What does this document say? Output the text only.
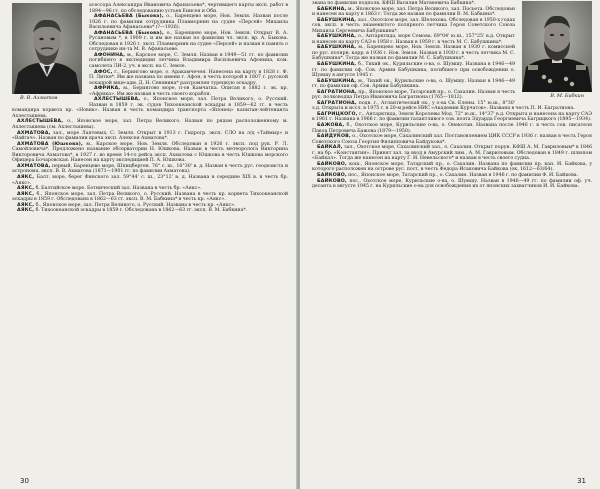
В. В. Ахматов

асессора Александра Ивановича Афанасьева*, чертивщего карты эксп. работ в 1894—96 гг. по обследованию устьев Енисея и Оби.

АФАНАСЬЕВА (Быкова), о., Баренцево море, Нов. Земля. Назван после 1926 г. по фамилии сотрудника Плавморнин на судне «Персей» Михаила Васильевича Афанасьева* (?—1926).

АФАНАСЬЕВА (Быкова), о., Баренцево море, Нов. Земля. Открыт В. А. Русановым *, в 1909 г. и им же назван по фамилии чл. эксп. вр. А. Быкова. Обследован в 1926 г. эксп. Плавморнин на судне «Персей» и назван в память о сотруднике ин-та М. В. Афанасьеве.

АФОНИНА, м., Карское море, С. Земля. Назван в 1949—51 гг. по фамилии погибшего в экспедиции летчика Владимира Васильевича Афонина, ком. самолета ЛИ-2, уч. в эксп. на С. Земле.

АФОС, г., Берингово море, о. Аракамчечен. Нанесена на карту в 1828 г. Ф. П. Литке*. Им же названа по имени г. Афон, в честь которой в 1807 г. русской эскадрой вице-адм. Д. Н. Сенявина* разгромлен турецкую эскадру.

АФРИКА, м., Берингово море, п-ов Камчатка. Описан в 1882 г. эк. кр. «Африка». Им же назван в честь своего корабля.

АХЛЕСТЫШЕВА, о., Японское море, зал. Петра Великого, о. Русский. Назван в 1859 г. эк. судов Тихоокеанской эскадры в 1859—62 гг. в честь командира корвета кр. «Новик». Назван в честь командира транспорта «Японец» капитан-лейтенанта Ахлестышева.

АХЛЕСТЫШЕВА, о., Японское море, зал. Петра Великого. Назван по рядом расположенному м. Ахлестышева (см. Ахлестышева).

АХМАТОВА, зал., море Лаптевых, С. Земля. Открыт в 1913 г. Гидрогр. эксп. СЛО на л/д «Таймыр» и «Вайгач». Назван по фамилии врача эксп. Алексея Ахматова*.

АХМАТОВА (Юшкова), м., Карское море, Нов. Земля. Обследован в 1926 г. эксп. под рук. Р. Л. Самойловича*. Предложено название обсерватории Н. Юшкова. Назван в честь метеоролога Викторина Викторовича Ахматова*, в 1927 г. во время 14-го рейса эксп. Ахматова с Юшкова в честь Юшкова морского Офицера Бочаровская. Нанесен на карту экспедицией П. А. Юшкова.

АХМАТОВА, первый, Баренцево море, Шпицберген. 76° с. ш., 16°30' в. д. Назван в честь рус. геодезиста и астронома, эксп. В. В. Ахматова (1871—1901 гг. по фамилии Ахматова).

АЯКС, Балт. море, берег Финского зал. 59°44' с. ш., 23°12' в. д. Названа в середине XIX в. в честь бр. «Аякс».

АЯКС, б. Балтийское море. Ботнический зал. Названа в честь бр. «Аякс».

АЯКС, б., Японское море, зал. Петра Великого, о. Русский. Названа в честь кр. корвета Тихоокеанской эскадры в 1859 г. Обследована в 1862—63 гг. эксп. В. М. Бабкина* в честь кр. «Аякс».

АЯКС, б., Японское море, зал. Петра Великого, о. Русский. Названа в честь кр. «Аякс».

АЯКС, б. Тихоокеанской эскадры в 1859 г. Обследована в 1862—63 гг. эксп. В. М. Бабкина*.

30
В. М. Бабкин

звана по фамилии подполк. КФШ Василия Матвеевича Бабкина*.

БАБКИНА, м., Японское море, зал. Петра Великого, зал. Посьета. Обследован и нанесен на карту в 1863 г. Тогда же назван по фамилии В. М. Бабкина*.

БАБУШКИНА, зал., Охотское море, зал. Шелехова. Обследован в 1950-х годах сов. эксп. в честь знаменитого полярного летчика Героя Советского Союза Михаила Сергеевича Бабушкина*.

БАБУШКИНА, о., Антарктида, море Сомова. 69°04' ю.ш., 157°25' в.д. Открыт и нанесен на карту САЭ в 1958 г. Назван в 1959 г. в честь М. С. Бабушкина*.

БАБУШКИНА, м., Баренцево море, Нов. Земля. Назван в 1930 г. комиссией по рус. полярн. корр. в 1936 г. Нов. Земля. Назван в 1930 г. в честь летчика М. С. Бабушкина*. Тогда же назван по фамилии М. С. Бабушкина*.

БАБУШКИНА, б., Тихий ок., Курильские о-ва, о. Шумшу. Названа в 1946—49 гг. по фамилии оф. Сов. Армии Бабушкина, погибшего при освобождении о. Шумшу в августе 1945 г.

БАБУШКИНА, м., Тихий ок., Курильские о-ва, о. Шумшу. Назван в 1946—49 гг. по фамилии оф. Сов. Армии Бабушкина.

БАГРАТИОНА, пр., Японское море, Татарский пр., о. Сахалин. Назван в честь рус. полководца Петра Ивановича Багратиона (1765—1812).

БАГРАТИОНА, подв. г., Атлантический ок., у о-ва Св. Елены. 15° ю.ш., 8°30' з.д. Открыта и иссл. в 1975 г. в 20-м рейсе НИС «Академик Курчатов». Названа в честь П. И. Багратиона.

БАГРИЦКОГО, г., Антарктида, Земля Королевы Мод. 72° ю.ш., 14°37' в.д. Открыта и нанесена на карту САЭ в 1961 г. Названа в 1966 г. по фамилии талантливого сов. поэта Эдуарда Георгиевича Багрицкого (1895—1934).

БАЖОВА, б., Охотское море, Курильские о-ва, о. Онекотан. Названа после 1946 г. в честь сов. писателя Павла Петровича Бажова (1879—1950).

БАЙДУКОВ, о., Охотское море, Сахалинский зал. Постановлением ЦИК СССР в 1936 г. назван в честь Героя Советского Союза Георгия Филипповича Байдукова*.

БАЙКАЛ, зал., Охотское море, Сахалинский зал., о. Сахалин. Открыт порун. КФШ А. М. Гавриловым* в 1846 г. на бр. «Константин». Принят зал. за вход в Амурский лим., А. М. Гавриловым. Обследован в 1849 г. шлюпом «Байкал». Тогда же нанесен на карту Г. И. Невельского* и назван в честь своего судна.

БАЙКОВО, кош., Японское море, Татарский пр., о. Сахалин. Названа по фамилии пр. кап. И. Байкова, у которого расположен на острове рус. пост, в честь Федора Исаковича Байкова (ок. 1612—63/64).

БАЙКОВО, пос., Японское море, Татарский пр., о. Сахалин. Назван в 1946 г. по фамилии Ф. И. Байкова.

БАЙКОВО, пос., Охотское море, Курильские о-ва, о. Шумшу. Назван в 1946—49 гг. по фамилии оф. уч. десанта в августе 1945 г. на Курильские о-ва для освобождения их от японских захватчиков И. И. Байкова.

31
